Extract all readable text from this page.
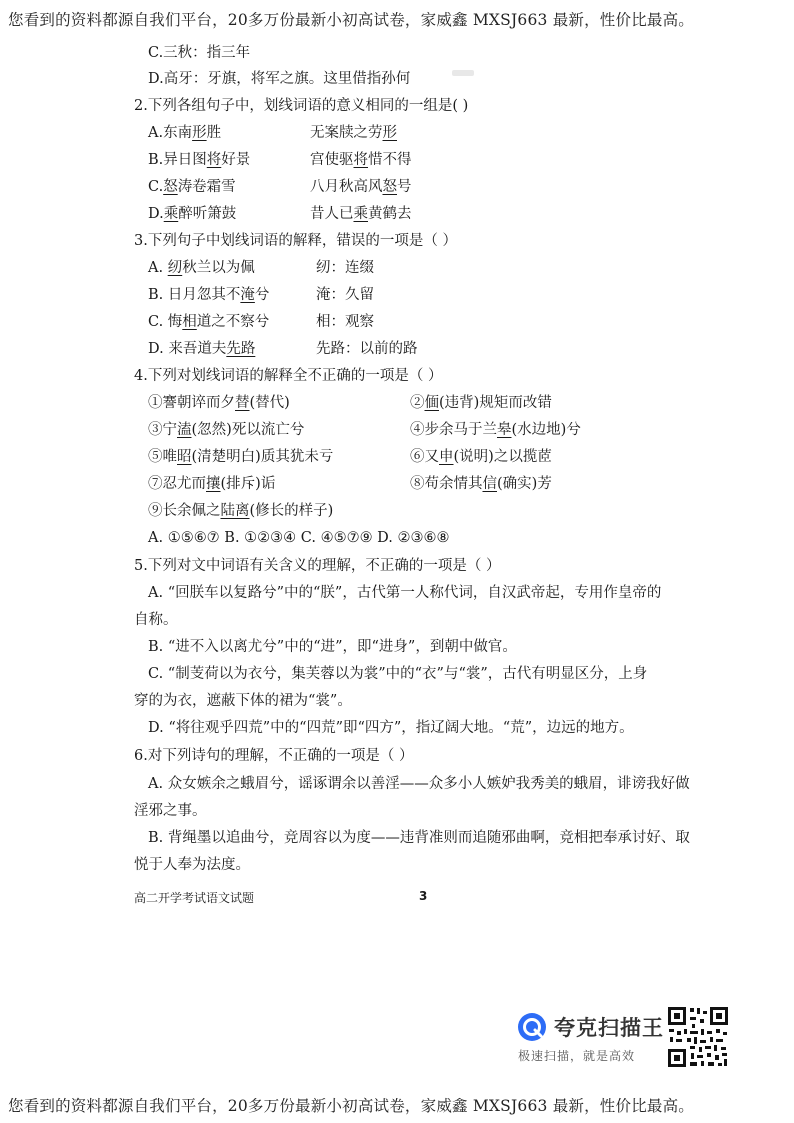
您看到的资料都源自我们平台，20多万份最新小初高试卷，家威鑫 MXSJ663 最新，性价比最高。
C.三秋：指三年
D.高牙：牙旗，将军之旗。这里借指孙何
2.下列各组句子中，划线词语的意义相同的一组是( )
A.东南形胜	无案牍之劳形
B.异日图将好景	宫使驱将惜不得
C.怒涛卷霜雪	八月秋高风怒号
D.乘醉听箫鼓	昔人已乘黄鹤去
3.下列句子中划线词语的解释，错误的一项是（ ）
A. 纫秋兰以为佩	纫：连缀
B. 日月忽其不淹兮	淹：久留
C. 悔相道之不察兮	相：观察
D. 来吾道夫先路	先路：以前的路
4.下列对划线词语的解释全不正确的一项是（ ）
①謇朝谇而夕替(替代)	②偭(违背)规矩而改错
③宁溘(忽然)死以流亡兮	④步余马于兰皋(水边地)兮
⑤唯昭(清楚明白)质其犹未亏	⑥又申(说明)之以揽茝
⑦忍尤而攘(排斥)诟	⑧苟余情其信(确实)芳
⑨长余佩之陆离(修长的样子)
A. ①⑤⑥⑦ B. ①②③④ C. ④⑤⑦⑨ D. ②③⑥⑧
5.下列对文中词语有关含义的理解，不正确的一项是（ ）
A. “回朕车以复路兮”中的“朕”，古代第一人称代词，自汉武帝起，专用作皇帝的
自称。
B. “进不入以离尤兮”中的“进”，即“进身”，到朝中做官。
C. “制芰荷以为衣兮，集芙蓉以为裳”中的“衣”与“裳”，古代有明显区分，上身
穿的为衣，遮蔽下体的裙为“裳”。
D. “将往观乎四荒”中的“四荒”即“四方”，指辽阔大地。“荒”，边远的地方。
6.对下列诗句的理解，不正确的一项是（ ）
A. 众女嫉余之蛾眉兮，谣诼谓余以善淫——众多小人嫉妒我秀美的蛾眉，诽谤我好做
淫邪之事。
B. 背绳墨以追曲兮，竞周容以为度——违背准则而追随邪曲啊，竞相把奉承讨好、取
悦于人奉为法度。
高二开学考试语文试题	3
夸克扫描王
极速扫描，就是高效
您看到的资料都源自我们平台，20多万份最新小初高试卷，家威鑫 MXSJ663 最新，性价比最高。
